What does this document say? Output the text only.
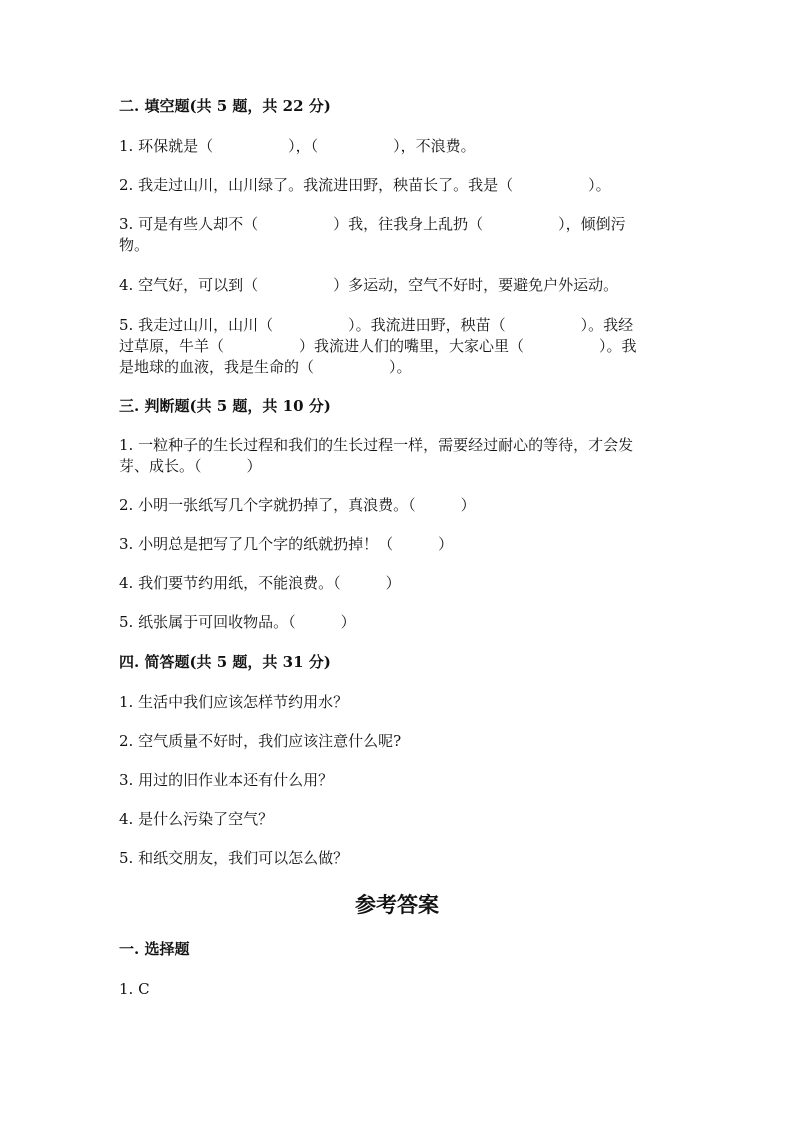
二. 填空题(共 5 题，共 22 分)
1. 环保就是（　　　　　），（　　　　　），不浪费。
2. 我走过山川，山川绿了。我流进田野，秧苗长了。我是（　　　　　）。
3. 可是有些人却不（　　　　　）我，往我身上乱扔（　　　　　），倾倒污
物。
4. 空气好，可以到（　　　　　）多运动，空气不好时，要避免户外运动。
5. 我走过山川，山川（　　　　　）。我流进田野，秧苗（　　　　　）。我经
过草原，牛羊（　　　　　）我流进人们的嘴里，大家心里（　　　　　）。我
是地球的血液，我是生命的（　　　　　）。
三. 判断题(共 5 题，共 10 分)
1. 一粒种子的生长过程和我们的生长过程一样，需要经过耐心的等待，才会发
芽、成长。（　　　）
2. 小明一张纸写几个字就扔掉了，真浪费。（　　　）
3. 小明总是把写了几个字的纸就扔掉！（　　　）
4. 我们要节约用纸，不能浪费。（　　　）
5. 纸张属于可回收物品。（　　　）
四. 简答题(共 5 题，共 31 分)
1. 生活中我们应该怎样节约用水？
2. 空气质量不好时，我们应该注意什么呢?
3. 用过的旧作业本还有什么用？
4. 是什么污染了空气？
5. 和纸交朋友，我们可以怎么做？
参考答案
一. 选择题
1. C
